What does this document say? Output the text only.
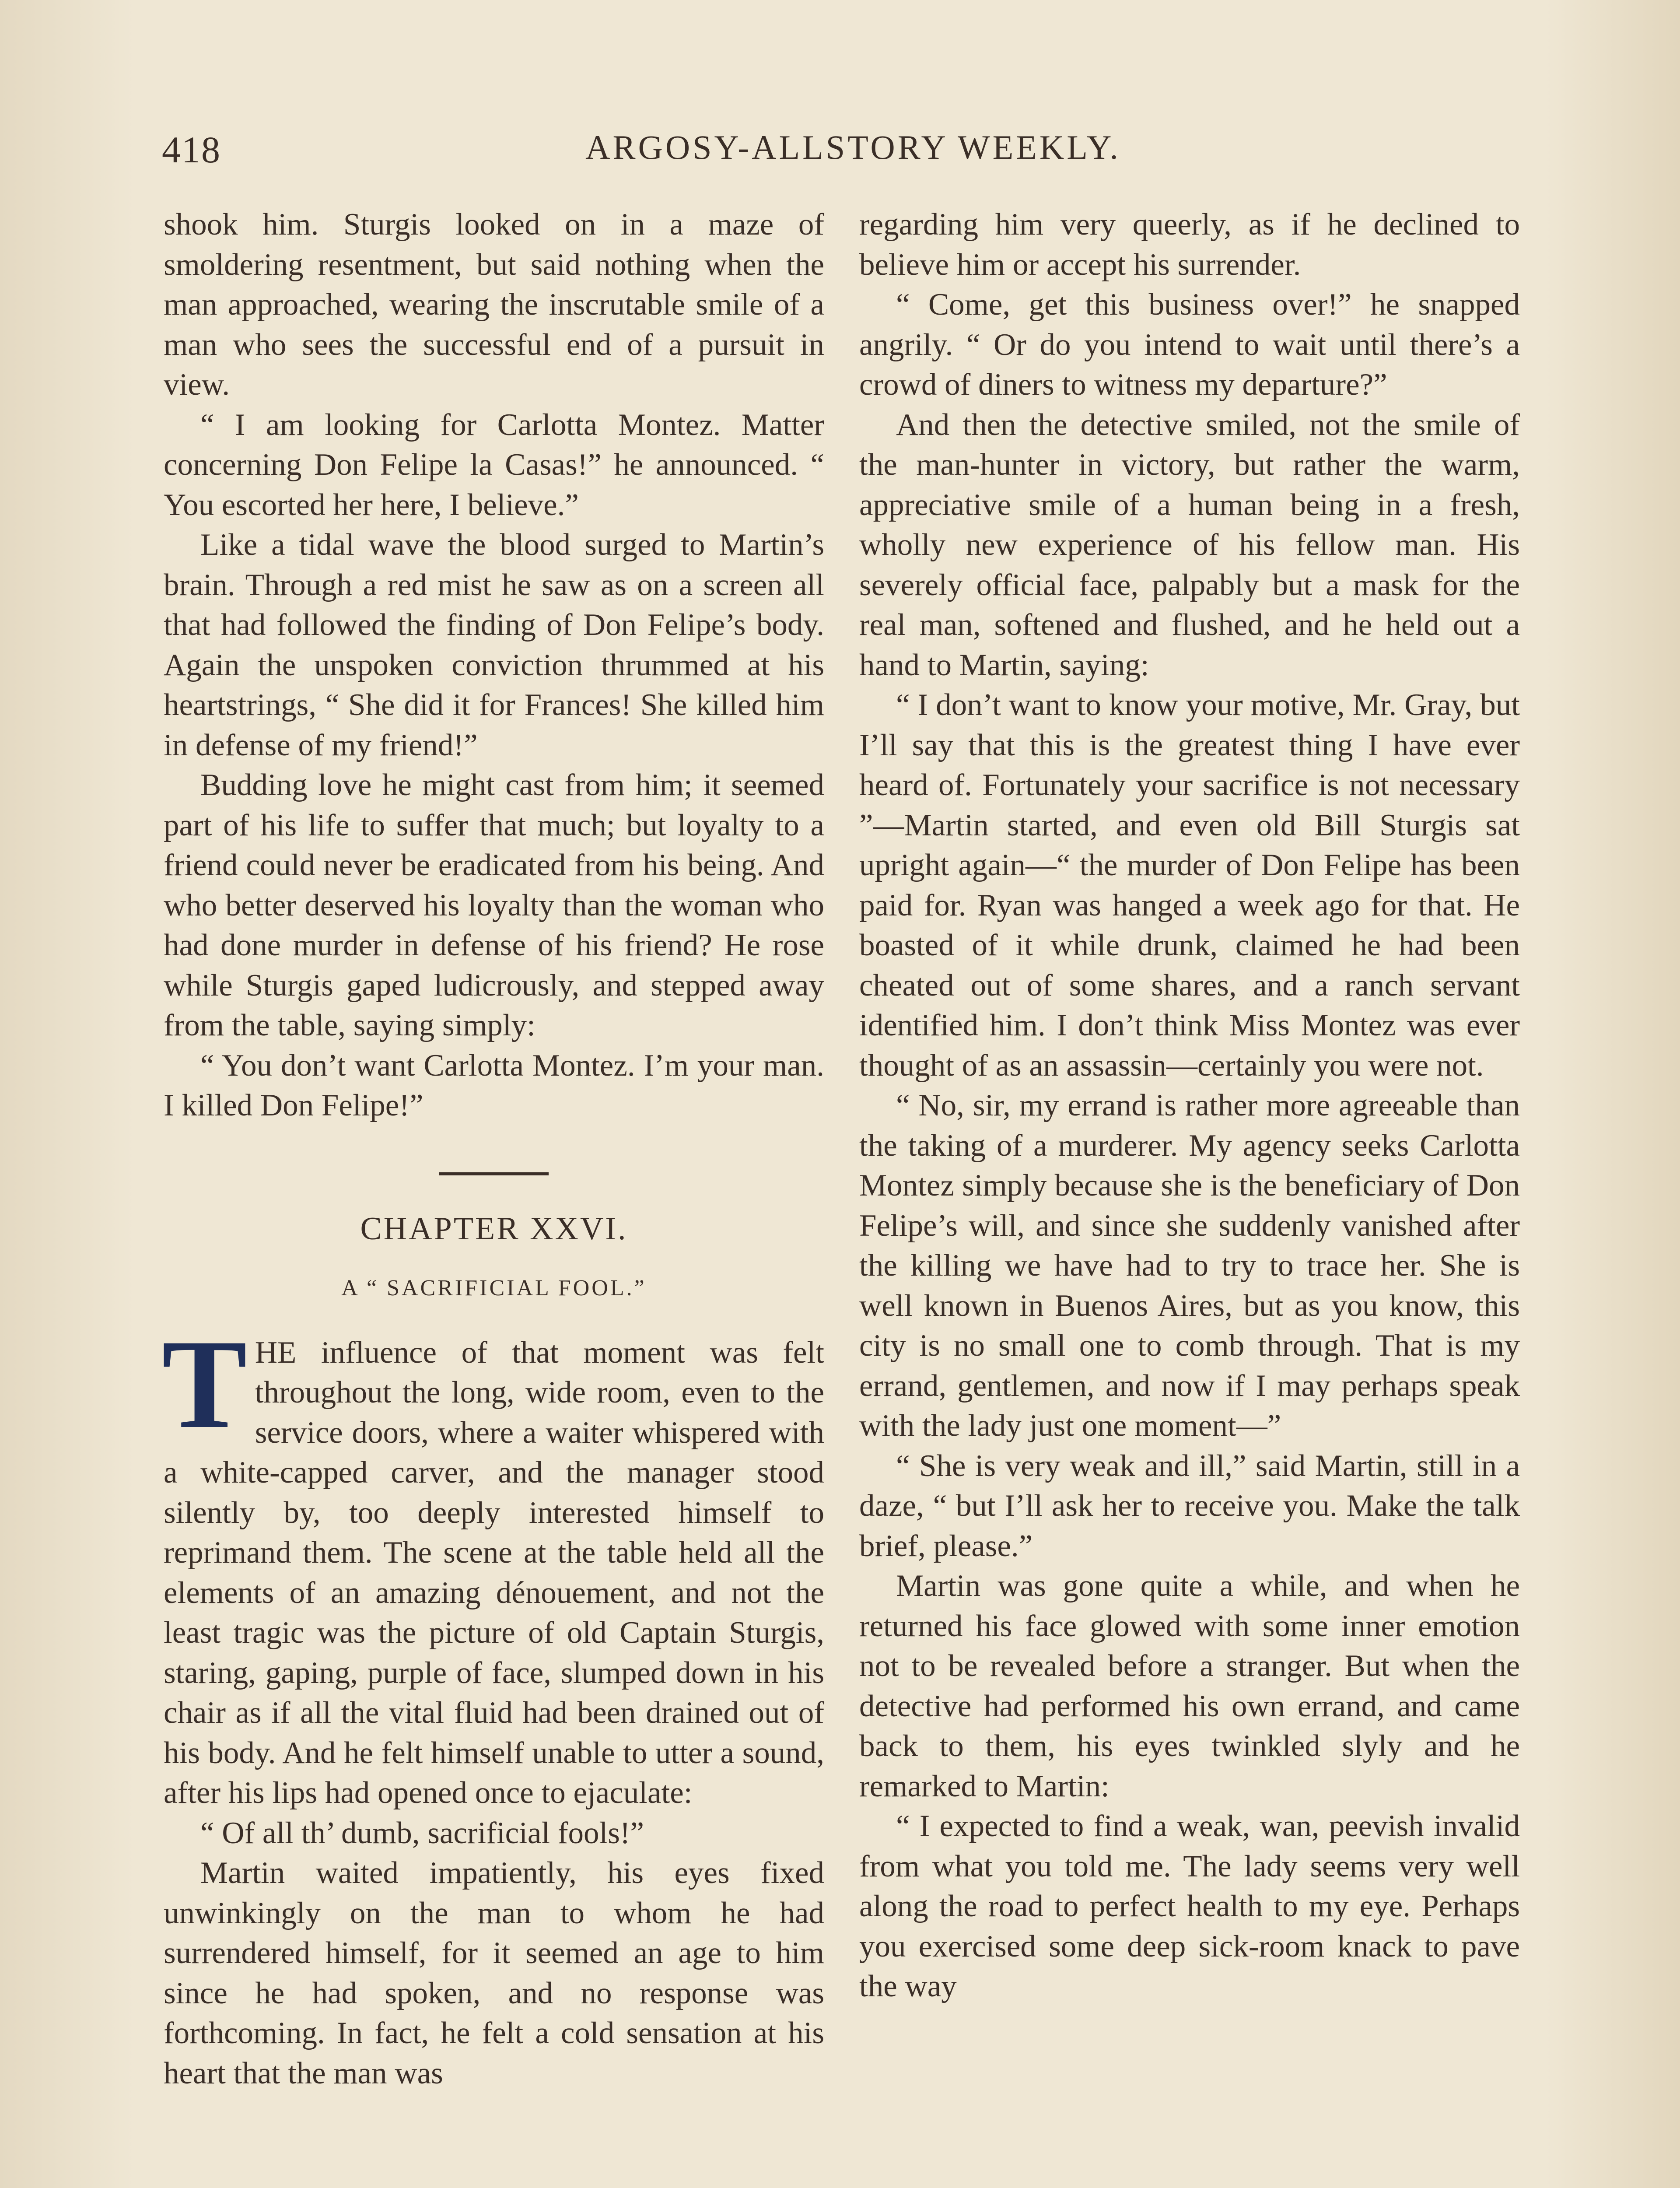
418	ARGOSY-ALLSTORY WEEKLY.

shook him. Sturgis looked on in a maze of smoldering resentment, but said nothing when the man approached, wearing the inscrutable smile of a man who sees the successful end of a pursuit in view.

“ I am looking for Carlotta Montez. Matter concerning Don Felipe la Casas!” he announced. “ You escorted her here, I believe.”

Like a tidal wave the blood surged to Martin’s brain. Through a red mist he saw as on a screen all that had followed the finding of Don Felipe’s body. Again the unspoken conviction thrummed at his heartstrings, “ She did it for Frances! She killed him in defense of my friend!”

Budding love he might cast from him; it seemed part of his life to suffer that much; but loyalty to a friend could never be eradicated from his being. And who better deserved his loyalty than the woman who had done murder in defense of his friend? He rose while Sturgis gaped ludicrously, and stepped away from the table, saying simply:

“ You don’t want Carlotta Montez. I’m your man. I killed Don Felipe!”

CHAPTER XXVI.
A “ SACRIFICIAL FOOL.”

THE influence of that moment was felt throughout the long, wide room, even to the service doors, where a waiter whispered with a white-capped carver, and the manager stood silently by, too deeply interested himself to reprimand them. The scene at the table held all the elements of an amazing dénouement, and not the least tragic was the picture of old Captain Sturgis, staring, gaping, purple of face, slumped down in his chair as if all the vital fluid had been drained out of his body. And he felt himself unable to utter a sound, after his lips had opened once to ejaculate:

“ Of all th’ dumb, sacrificial fools!”

Martin waited impatiently, his eyes fixed unwinkingly on the man to whom he had surrendered himself, for it seemed an age to him since he had spoken, and no response was forthcoming. In fact, he felt a cold sensation at his heart that the man was

regarding him very queerly, as if he declined to believe him or accept his surrender.

“ Come, get this business over!” he snapped angrily. “ Or do you intend to wait until there’s a crowd of diners to witness my departure?”

And then the detective smiled, not the smile of the man-hunter in victory, but rather the warm, appreciative smile of a human being in a fresh, wholly new experience of his fellow man. His severely official face, palpably but a mask for the real man, softened and flushed, and he held out a hand to Martin, saying:

“ I don’t want to know your motive, Mr. Gray, but I’ll say that this is the greatest thing I have ever heard of. Fortunately your sacrifice is not necessary ”—Martin started, and even old Bill Sturgis sat upright again—“ the murder of Don Felipe has been paid for. Ryan was hanged a week ago for that. He boasted of it while drunk, claimed he had been cheated out of some shares, and a ranch servant identified him. I don’t think Miss Montez was ever thought of as an assassin—certainly you were not.

“ No, sir, my errand is rather more agreeable than the taking of a murderer. My agency seeks Carlotta Montez simply because she is the beneficiary of Don Felipe’s will, and since she suddenly vanished after the killing we have had to try to trace her. She is well known in Buenos Aires, but as you know, this city is no small one to comb through. That is my errand, gentlemen, and now if I may perhaps speak with the lady just one moment—”

“ She is very weak and ill,” said Martin, still in a daze, “ but I’ll ask her to receive you. Make the talk brief, please.”

Martin was gone quite a while, and when he returned his face glowed with some inner emotion not to be revealed before a stranger. But when the detective had performed his own errand, and came back to them, his eyes twinkled slyly and he remarked to Martin:

“ I expected to find a weak, wan, peevish invalid from what you told me. The lady seems very well along the road to perfect health to my eye. Perhaps you exercised some deep sick-room knack to pave the way
